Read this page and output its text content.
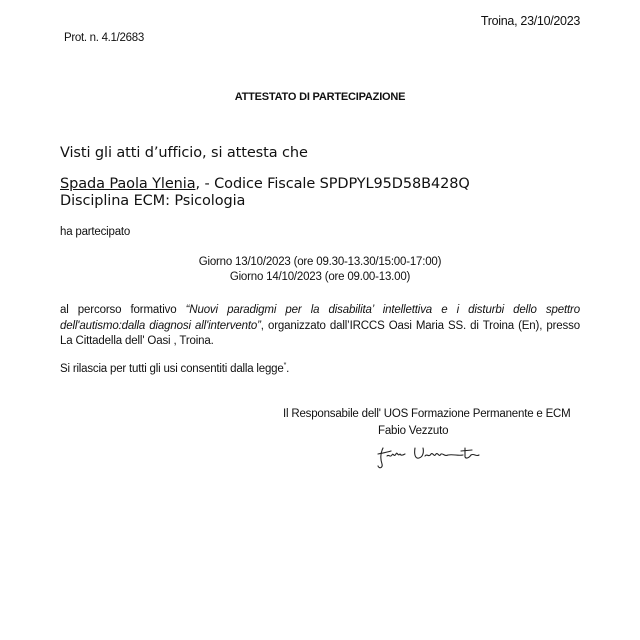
Troina, 23/10/2023
Prot. n. 4.1/2683
ATTESTATO DI PARTECIPAZIONE
Visti gli atti d’ufficio, si attesta che
Spada Paola Ylenia, - Codice Fiscale SPDPYL95D58B428Q
Disciplina ECM: Psicologia
ha partecipato
Giorno 13/10/2023 (ore 09.30-13.30/15:00-17:00)
Giorno 14/10/2023 (ore 09.00-13.00)
al percorso formativo “Nuovi paradigmi per la disabilita’ intellettiva e i disturbi dello spettro dell'autismo:dalla diagnosi all'intervento”, organizzato dall’IRCCS Oasi Maria SS. di Troina (En), presso La Cittadella dell' Oasi , Troina.
Si rilascia per tutti gli usi consentiti dalla legge*.
Il Responsabile dell' UOS Formazione Permanente e ECM
Fabio Vezzuto
